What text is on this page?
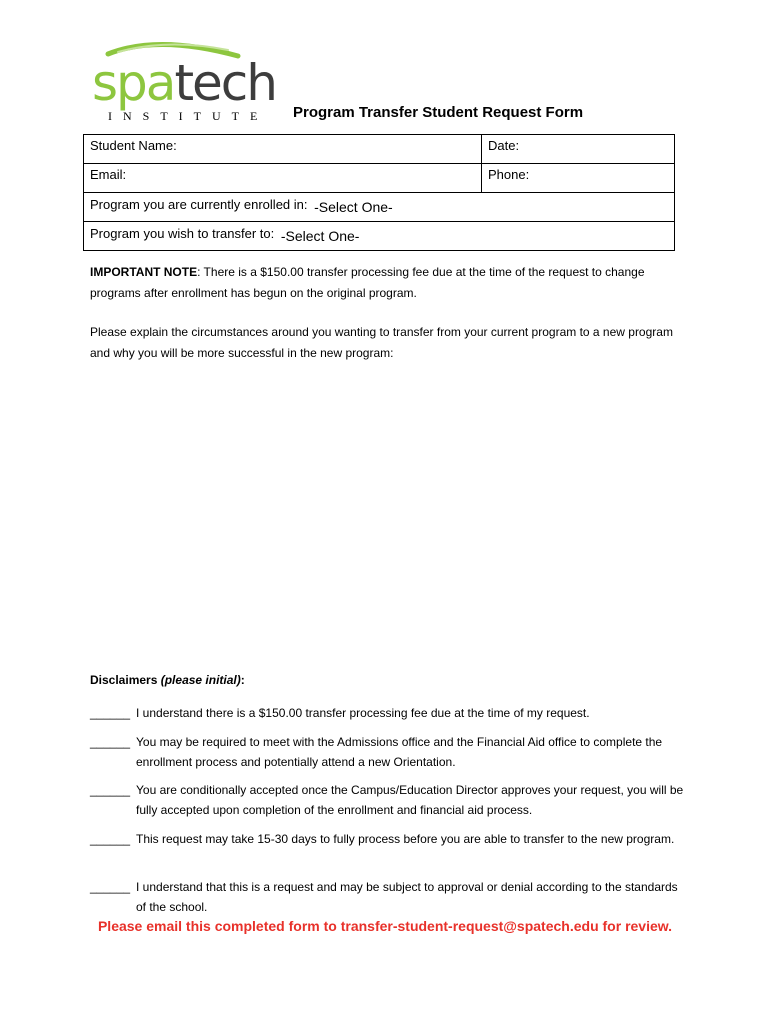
spatech
INSTITUTE Program Transfer Student Request Form
Student Name:	Date:
Email:	Phone:
Program you are currently enrolled in: -Select One-	
Program you wish to transfer to: -Select One-	
IMPORTANT NOTE: There is a $150.00 transfer processing fee due at the time of the request to change programs after enrollment has begun on the original program.
Please explain the circumstances around you wanting to transfer from your current program to a new program and why you will be more successful in the new program:
Disclaimers (please initial):
______ I understand there is a $150.00 transfer processing fee due at the time of my request.
______ You may be required to meet with the Admissions office and the Financial Aid office to complete the enrollment process and potentially attend a new Orientation.
______ You are conditionally accepted once the Campus/Education Director approves your request, you will be fully accepted upon completion of the enrollment and financial aid process.
______ This request may take 15-30 days to fully process before you are able to transfer to the new program.
______ I understand that this is a request and may be subject to approval or denial according to the standards of the school.
Please email this completed form to transfer-student-request@spatech.edu for review.
